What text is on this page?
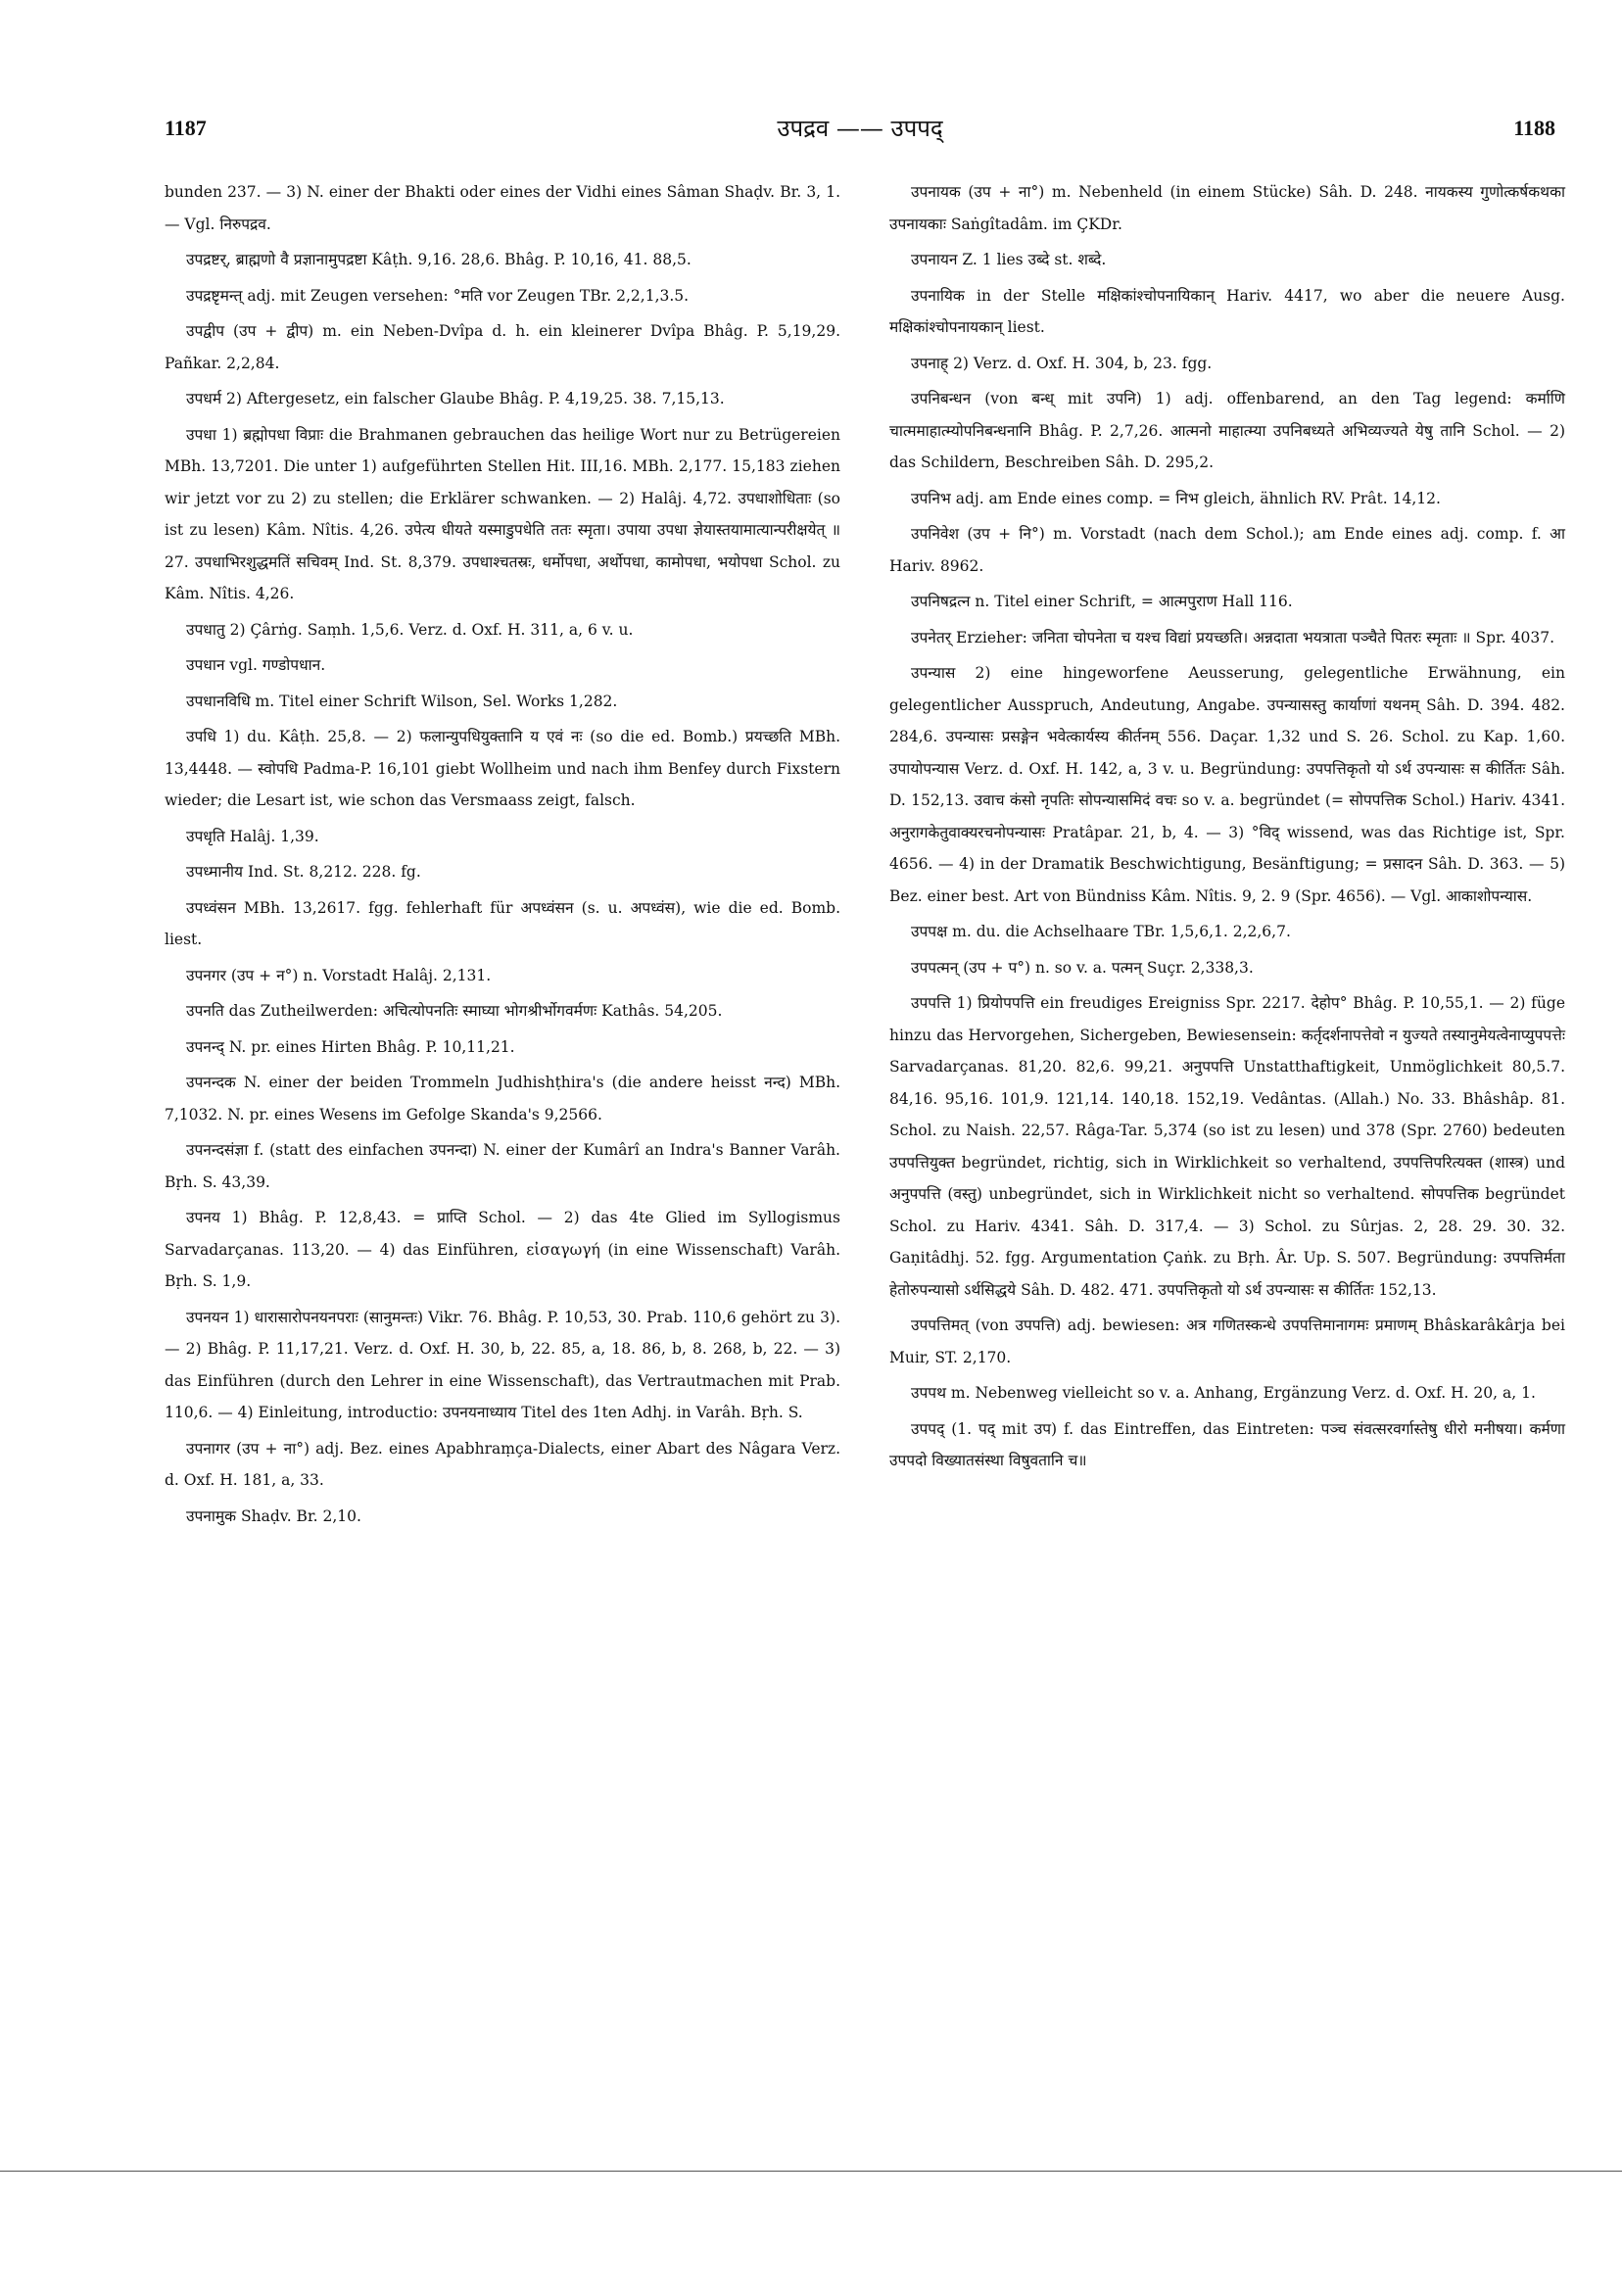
1187	उपद्रव —— उपपद्	1188

bunden 237. — 3) N. einer der Bhakti oder eines der Vidhi eines Sâman Shaḍv. Br. 3, 1. — Vgl. निरुपद्रव.

उपद्रष्टर्, ब्राह्मणो वै प्रज्ञानामुपद्रष्टा Kâṭh. 9,16. 28,6. Bhâg. P. 10,16, 41. 88,5.

उपद्रष्टृमन्त् adj. mit Zeugen versehen: °मति vor Zeugen TBr. 2,2,1,3.5.

उपद्वीप (उप + द्वीप) m. ein Neben-Dvîpa d. h. ein kleinerer Dvîpa Bhâg. P. 5,19,29. Pañkar. 2,2,84.

उपधर्म 2) Aftergesetz, ein falscher Glaube Bhâg. P. 4,19,25. 38. 7,15,13.

उपधा 1) ब्रह्मोपधा विप्राः die Brahmanen gebrauchen das heilige Wort nur zu Betrügereien MBh. 13,7201. Die unter 1) aufgeführten Stellen Hit. III,16. MBh. 2,177. 15,183 ziehen wir jetzt vor zu 2) zu stellen; die Erklärer schwanken. — 2) Halâj. 4,72. उपधाशोधिताः (so ist zu lesen) Kâm. Nîtis. 4,26. उपेत्य धीयते यस्माडुपधेति ततः स्मृता। उपाया उपधा ज्ञेयास्तयामात्यान्परीक्षयेत् ॥ 27. उपधाभिरशुद्धमतिं सचिवम् Ind. St. 8,379. उपधाश्चतस्रः, धर्मोपधा, अर्थोपधा, कामोपधा, भयोपधा Schol. zu Kâm. Nîtis. 4,26.

उपधातु 2) Çârṅg. Saṃh. 1,5,6. Verz. d. Oxf. H. 311, a, 6 v. u.

उपधान vgl. गण्डोपधान.

उपधानविधि m. Titel einer Schrift Wilson, Sel. Works 1,282.

उपधि 1) du. Kâṭh. 25,8. — 2) फलान्युपधियुक्तानि य एवं नः (so die ed. Bomb.) प्रयच्छति MBh. 13,4448. — स्वोपधि Padma-P. 16,101 giebt Wollheim und nach ihm Benfey durch Fixstern wieder; die Lesart ist, wie schon das Versmaass zeigt, falsch.

उपधृति Halâj. 1,39.

उपध्मानीय Ind. St. 8,212. 228. fg.

उपध्वंसन MBh. 13,2617. fgg. fehlerhaft für अपध्वंसन (s. u. अपध्वंस), wie die ed. Bomb. liest.

उपनगर (उप + न°) n. Vorstadt Halâj. 2,131.

उपनति das Zutheilwerden: अचित्योपनतिः स्माघ्या भोगश्रीर्भोगवर्मणः Kathâs. 54,205.

उपनन्द् N. pr. eines Hirten Bhâg. P. 10,11,21.

उपनन्दक N. einer der beiden Trommeln Judhishṭhira's (die andere heisst नन्द) MBh. 7,1032. N. pr. eines Wesens im Gefolge Skanda's 9,2566.

उपनन्दसंज्ञा f. (statt des einfachen उपनन्दा) N. einer der Kumârî an Indra's Banner Varâh. Bṛh. S. 43,39.

उपनय 1) Bhâg. P. 12,8,43. = प्राप्ति Schol. — 2) das 4te Glied im Syllogismus Sarvadarçanas. 113,20. — 4) das Einführen, εἰσαγωγή (in eine Wissenschaft) Varâh. Bṛh. S. 1,9.

उपनयन 1) धारासारोपनयनपराः (सानुमन्तः) Vikr. 76. Bhâg. P. 10,53, 30. Prab. 110,6 gehört zu 3). — 2) Bhâg. P. 11,17,21. Verz. d. Oxf. H. 30, b, 22. 85, a, 18. 86, b, 8. 268, b, 22. — 3) das Einführen (durch den Lehrer in eine Wissenschaft), das Vertrautmachen mit Prab. 110,6. — 4) Einleitung, introductio: उपनयनाध्याय Titel des 1ten Adhj. in Varâh. Bṛh. S.

उपनागर (उप + ना°) adj. Bez. eines Apabhraṃça-Dialects, einer Abart des Nâgara Verz. d. Oxf. H. 181, a, 33.

उपनामुक Shaḍv. Br. 2,10.

उपनायक (उप + ना°) m. Nebenheld (in einem Stücke) Sâh. D. 248. नायकस्य गुणोत्कर्षकथका उपनायकाः Saṅgîtadâm. im ÇKDr.

उपनायन Z. 1 lies उब्दे st. शब्दे.

उपनायिक in der Stelle मक्षिकांश्चोपनायिकान् Hariv. 4417, wo aber die neuere Ausg. मक्षिकांश्चोपनायकान् liest.

उपनाह् 2) Verz. d. Oxf. H. 304, b, 23. fgg.

उपनिबन्धन (von बन्ध् mit उपनि) 1) adj. offenbarend, an den Tag legend: कर्माणि चात्ममाहात्म्योपनिबन्धनानि Bhâg. P. 2,7,26. आत्मनो माहात्म्या उपनिबध्यते अभिव्यज्यते येषु तानि Schol. — 2) das Schildern, Beschreiben Sâh. D. 295,2.

उपनिभ adj. am Ende eines comp. = निभ gleich, ähnlich RV. Prât. 14,12.

उपनिवेश (उप + नि°) m. Vorstadt (nach dem Schol.); am Ende eines adj. comp. f. आ Hariv. 8962.

उपनिषद्रत्न n. Titel einer Schrift, = आत्मपुराण Hall 116.

उपनेतर् Erzieher: जनिता चोपनेता च यश्च विद्यां प्रयच्छति। अन्नदाता भयत्राता पञ्चैते पितरः स्मृताः ॥ Spr. 4037.

उपन्यास 2) eine hingeworfene Aeusserung, gelegentliche Erwähnung, ein gelegentlicher Ausspruch, Andeutung, Angabe. उपन्यासस्तु कार्याणां यथनम् Sâh. D. 394. 482. 284,6. उपन्यासः प्रसङ्गेन भवेत्कार्यस्य कीर्तनम् 556. Daçar. 1,32 und S. 26. Schol. zu Kap. 1,60. उपायोपन्यास Verz. d. Oxf. H. 142, a, 3 v. u. Begründung: उपपत्तिकृतो यो ऽर्थ उपन्यासः स कीर्तितः Sâh. D. 152,13. उवाच कंसो नृपतिः सोपन्यासमिदं वचः so v. a. begründet (= सोपपत्तिक Schol.) Hariv. 4341. अनुरागकेतुवाक्यरचनोपन्यासः Pratâpar. 21, b, 4. — 3) °विद् wissend, was das Richtige ist, Spr. 4656. — 4) in der Dramatik Beschwichtigung, Besänftigung; = प्रसादन Sâh. D. 363. — 5) Bez. einer best. Art von Bündniss Kâm. Nîtis. 9, 2. 9 (Spr. 4656). — Vgl. आकाशोपन्यास.

उपपक्ष m. du. die Achselhaare TBr. 1,5,6,1. 2,2,6,7.

उपपत्मन् (उप + प°) n. so v. a. पत्मन् Suçr. 2,338,3.

उपपत्ति 1) प्रियोपपत्ति ein freudiges Ereigniss Spr. 2217. देहोप° Bhâg. P. 10,55,1. — 2) füge hinzu das Hervorgehen, Sichergeben, Bewiesensein: कर्तृदर्शनापत्तेवो न युज्यते तस्यानुमेयत्वेनाप्युपपत्तेः Sarvadarçanas. 81,20. 82,6. 99,21. अनुपपत्ति Unstatthaftigkeit, Unmöglichkeit 80,5.7. 84,16. 95,16. 101,9. 121,14. 140,18. 152,19. Vedântas. (Allah.) No. 33. Bhâshâp. 81. Schol. zu Naish. 22,57. Râga-Tar. 5,374 (so ist zu lesen) und 378 (Spr. 2760) bedeuten उपपत्तियुक्त begründet, richtig, sich in Wirklichkeit so verhaltend, उपपत्तिपरित्यक्त (शास्त्र) und अनुपपत्ति (वस्तु) unbegründet, sich in Wirklichkeit nicht so verhaltend. सोपपत्तिक begründet Schol. zu Hariv. 4341. Sâh. D. 317,4. — 3) Schol. zu Sûrjas. 2, 28. 29. 30. 32. Gaṇitâdhj. 52. fgg. Argumentation Çaṅk. zu Bṛh. Âr. Up. S. 507. Begründung: उपपत्तिर्मता हेतोरुपन्यासो ऽर्थसिद्धये Sâh. D. 482. 471. उपपत्तिकृतो यो ऽर्थ उपन्यासः स कीर्तितः 152,13.

उपपत्तिमत् (von उपपत्ति) adj. bewiesen: अत्र गणितस्कन्धे उपपत्तिमानागमः प्रमाणम् Bhâskarâkârja bei Muir, ST. 2,170.

उपपथ m. Nebenweg vielleicht so v. a. Anhang, Ergänzung Verz. d. Oxf. H. 20, a, 1.

उपपद् (1. पद् mit उप) f. das Eintreffen, das Eintreten: पञ्च संवत्सरवर्गास्तेषु धीरो मनीषया। कर्मणा उपपदो विख्यातसंस्था विषुवतानि च॥
